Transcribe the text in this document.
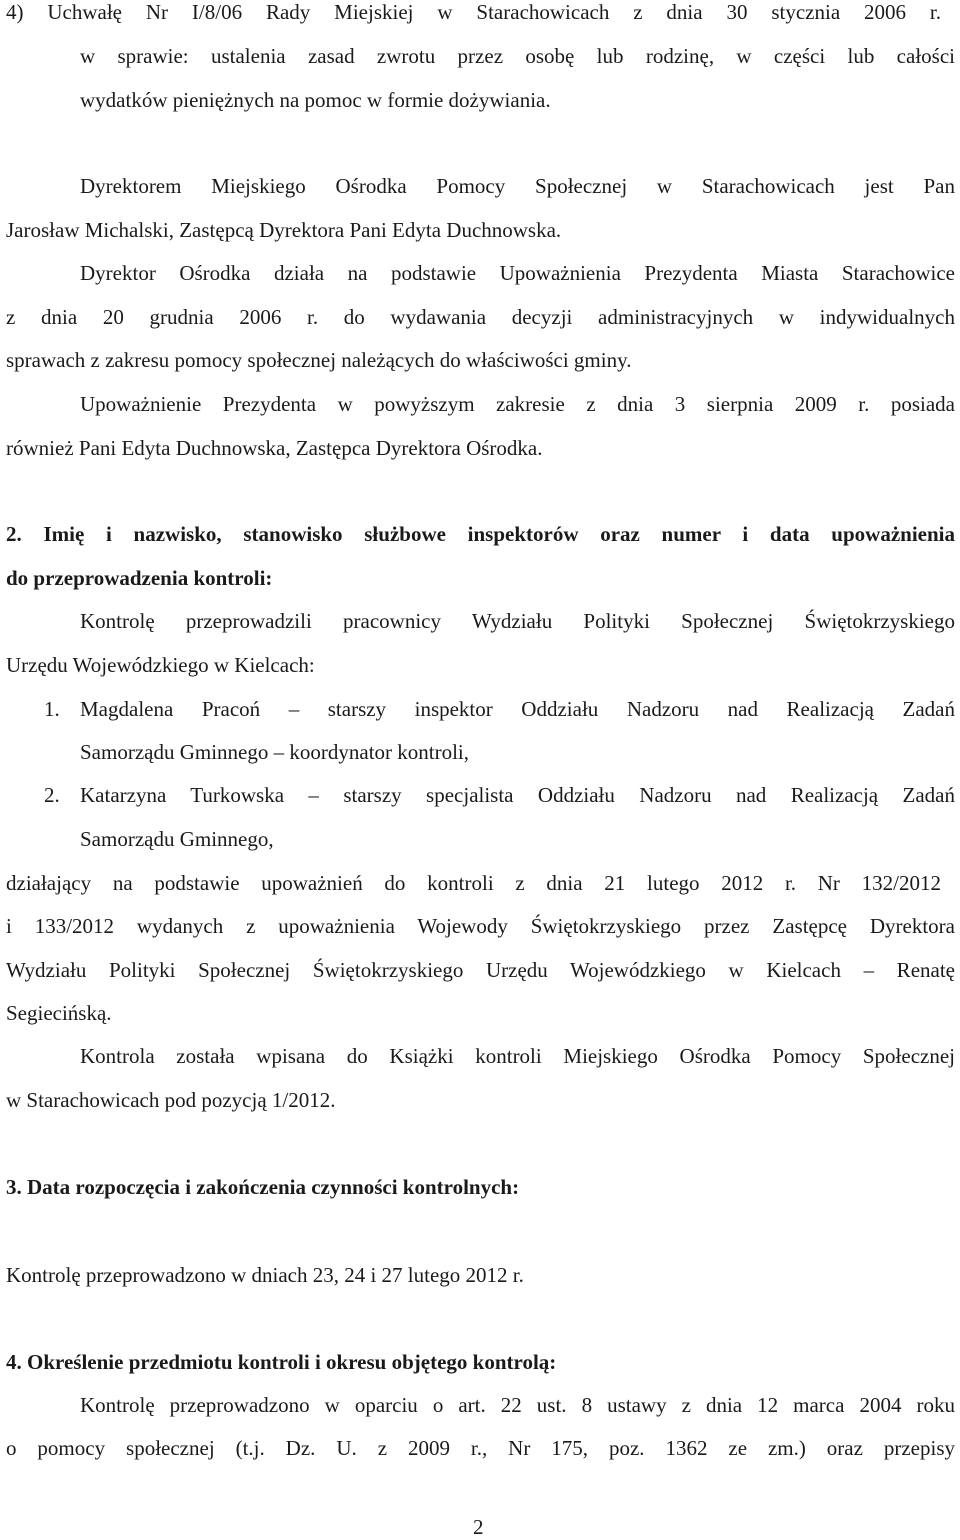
4) Uchwałę Nr I/8/06 Rady Miejskiej w Starachowicach z dnia 30 stycznia 2006 r.
w sprawie: ustalenia zasad zwrotu przez osobę lub rodzinę, w części lub całości
wydatków pieniężnych na pomoc w formie dożywiania.
Dyrektorem Miejskiego Ośrodka Pomocy Społecznej w Starachowicach jest Pan
Jarosław Michalski, Zastępcą Dyrektora Pani Edyta Duchnowska.
Dyrektor Ośrodka działa na podstawie Upoważnienia Prezydenta Miasta Starachowice
z dnia 20 grudnia 2006 r. do wydawania decyzji administracyjnych w indywidualnych
sprawach z zakresu pomocy społecznej należących do właściwości gminy.
Upoważnienie Prezydenta w powyższym zakresie z dnia 3 sierpnia 2009 r. posiada
również Pani Edyta Duchnowska, Zastępca Dyrektora Ośrodka.
2. Imię i nazwisko, stanowisko służbowe inspektorów oraz numer i data upoważnienia
do przeprowadzenia kontroli:
Kontrolę przeprowadzili pracownicy Wydziału Polityki Społecznej Świętokrzyskiego
Urzędu Wojewódzkiego w Kielcach:
1. Magdalena Pracoń – starszy inspektor Oddziału Nadzoru nad Realizacją Zadań
Samorządu Gminnego – koordynator kontroli,
2. Katarzyna Turkowska – starszy specjalista Oddziału Nadzoru nad Realizacją Zadań
Samorządu Gminnego,
działający na podstawie upoważnień do kontroli z dnia 21 lutego 2012 r. Nr 132/2012
i 133/2012 wydanych z upoważnienia Wojewody Świętokrzyskiego przez Zastępcę Dyrektora
Wydziału Polityki Społecznej Świętokrzyskiego Urzędu Wojewódzkiego w Kielcach – Renatę
Segiecińską.
Kontrola została wpisana do Książki kontroli Miejskiego Ośrodka Pomocy Społecznej
w Starachowicach pod pozycją 1/2012.
3. Data rozpoczęcia i zakończenia czynności kontrolnych:
Kontrolę przeprowadzono w dniach 23, 24 i 27 lutego 2012 r.
4. Określenie przedmiotu kontroli i okresu objętego kontrolą:
Kontrolę przeprowadzono w oparciu o art. 22 ust. 8 ustawy z dnia 12 marca 2004 roku
o pomocy społecznej (t.j. Dz. U. z 2009 r., Nr 175, poz. 1362 ze zm.) oraz przepisy
2
